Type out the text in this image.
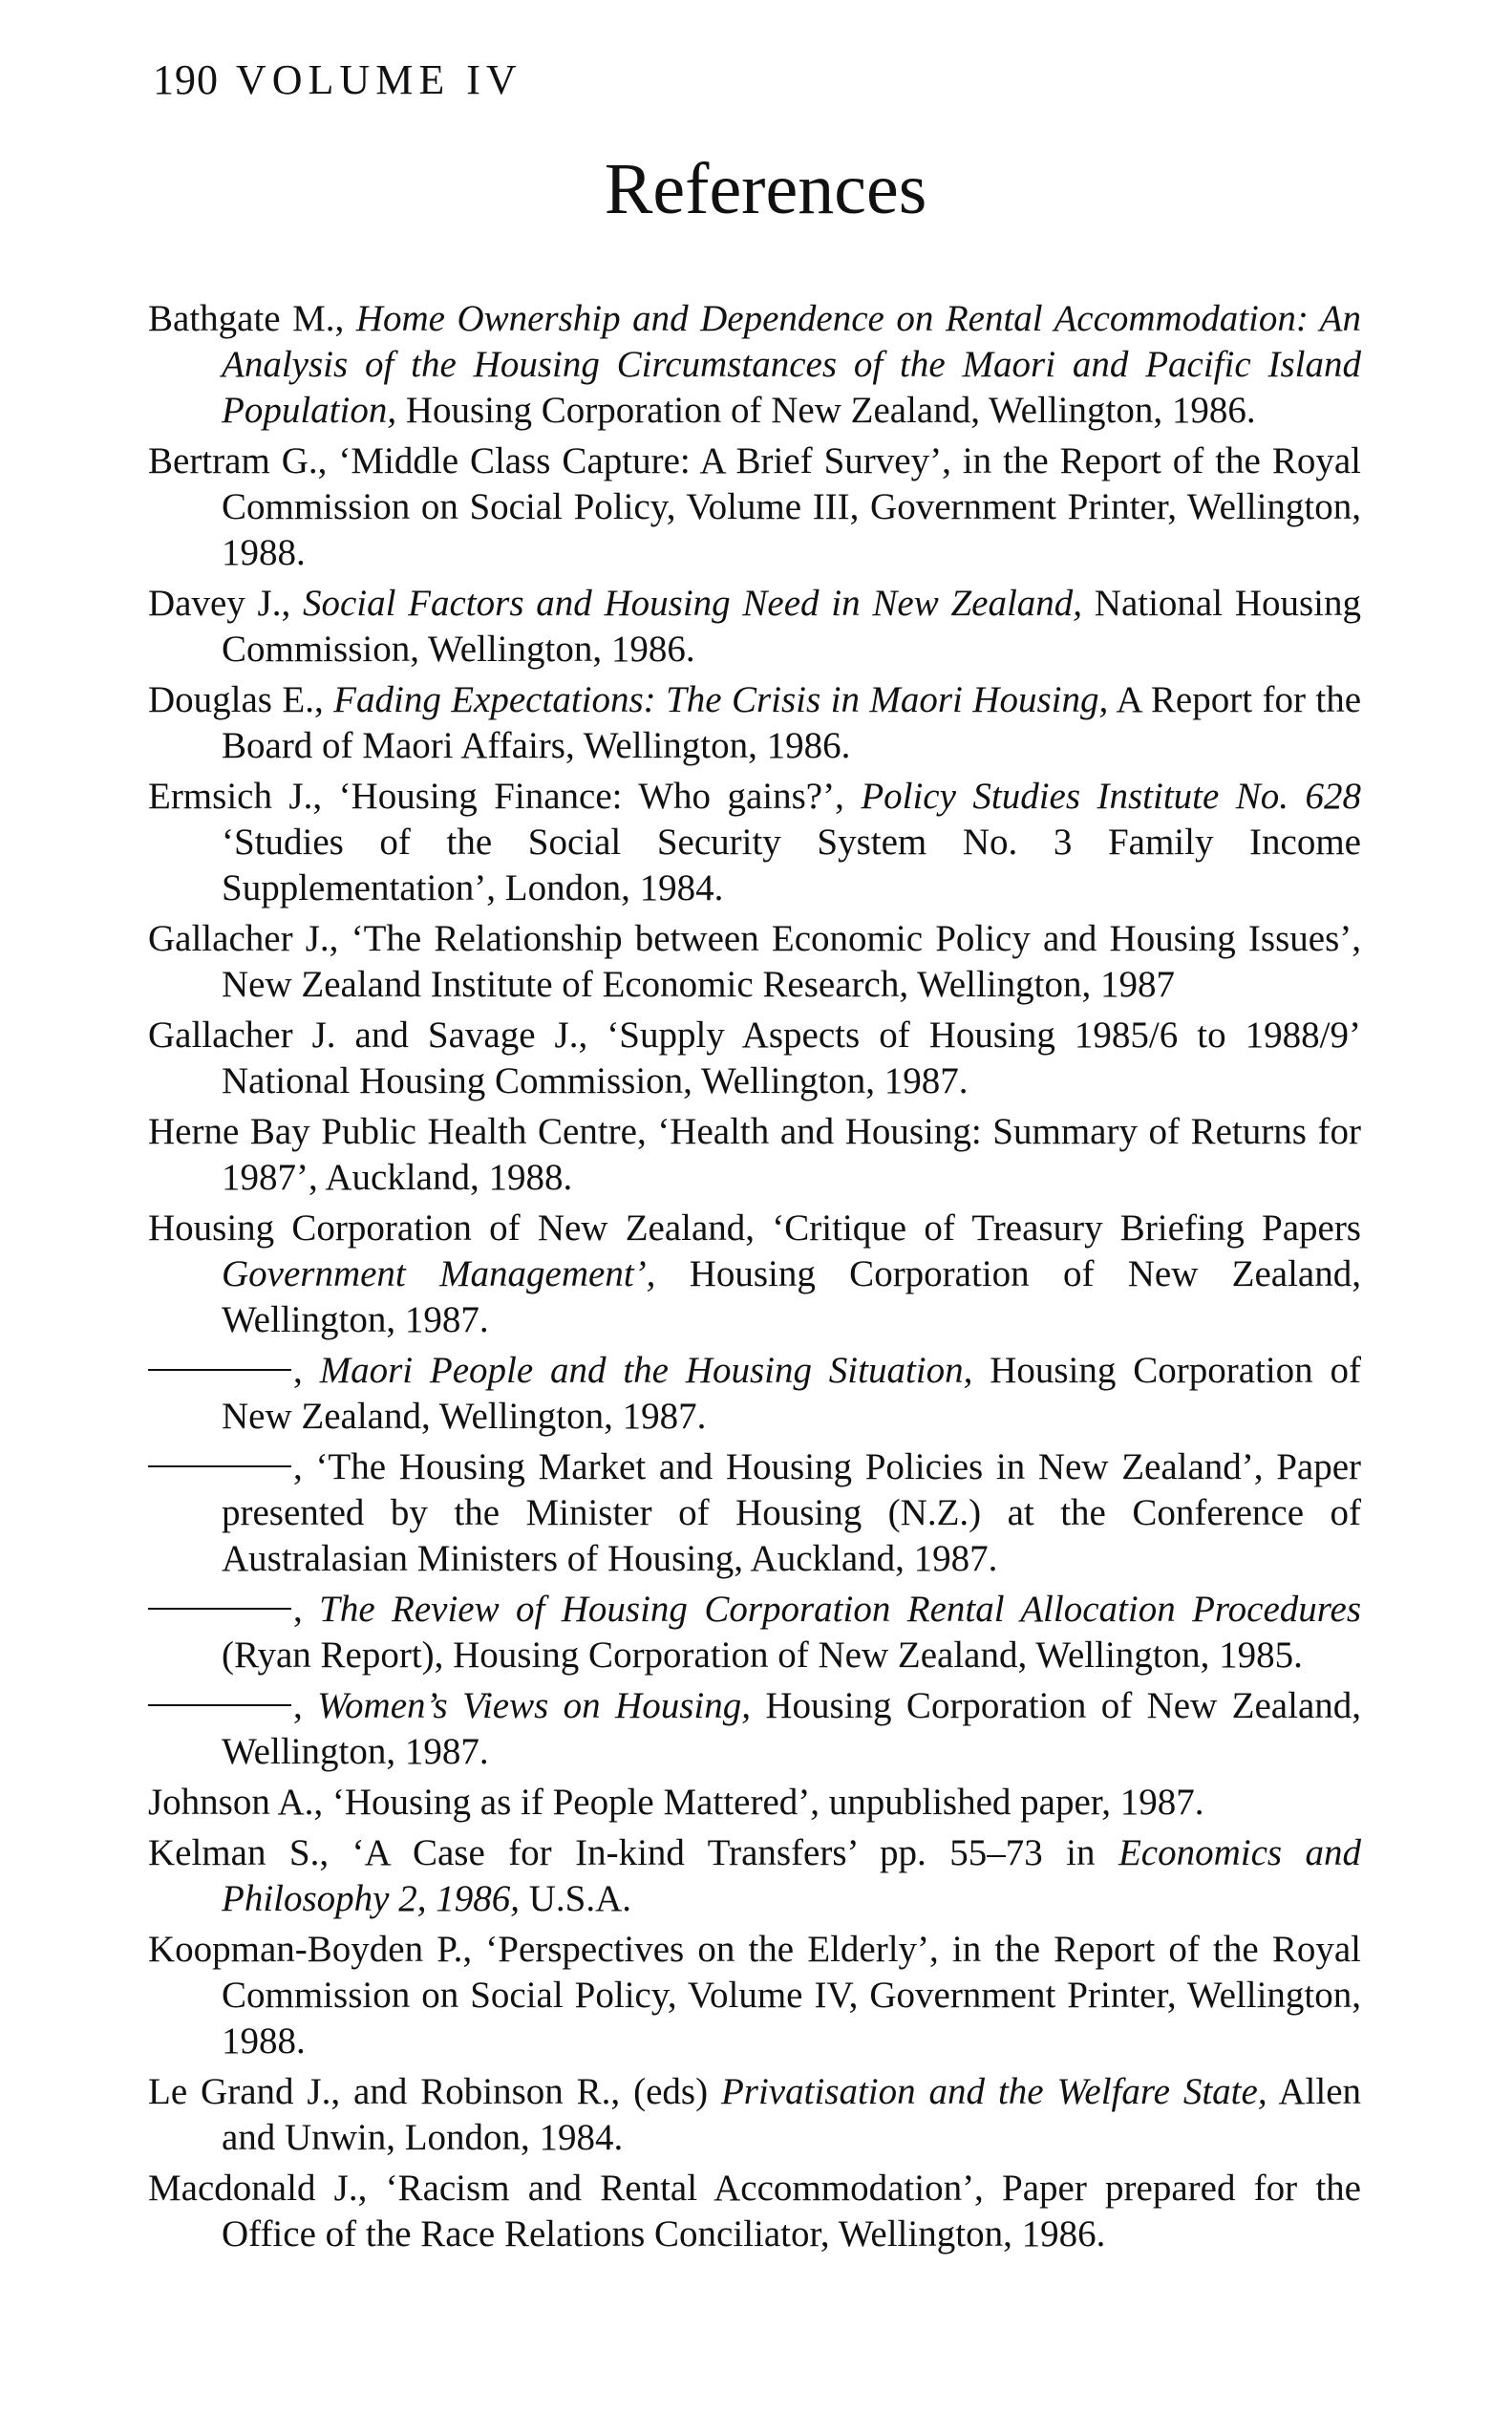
190 VOLUME IV
References
Bathgate M., Home Ownership and Dependence on Rental Accommodation: An Analysis of the Housing Circumstances of the Maori and Pacific Island Population, Housing Corporation of New Zealand, Wellington, 1986.
Bertram G., ‘Middle Class Capture: A Brief Survey’, in the Report of the Royal Commission on Social Policy, Volume III, Government Printer, Wellington, 1988.
Davey J., Social Factors and Housing Need in New Zealand, National Housing Commission, Wellington, 1986.
Douglas E., Fading Expectations: The Crisis in Maori Housing, A Report for the Board of Maori Affairs, Wellington, 1986.
Ermsich J., ‘Housing Finance: Who gains?’, Policy Studies Institute No. 628 ‘Studies of the Social Security System No. 3 Family Income Supplementation’, London, 1984.
Gallacher J., ‘The Relationship between Economic Policy and Housing Issues’, New Zealand Institute of Economic Research, Wellington, 1987
Gallacher J. and Savage J., ‘Supply Aspects of Housing 1985/6 to 1988/9’ National Housing Commission, Wellington, 1987.
Herne Bay Public Health Centre, ‘Health and Housing: Summary of Returns for 1987’, Auckland, 1988.
Housing Corporation of New Zealand, ‘Critique of Treasury Briefing Papers Government Management’, Housing Corporation of New Zealand, Wellington, 1987.
, Maori People and the Housing Situation, Housing Corporation of New Zealand, Wellington, 1987.
, ‘The Housing Market and Housing Policies in New Zealand’, Paper presented by the Minister of Housing (N.Z.) at the Conference of Australasian Ministers of Housing, Auckland, 1987.
, The Review of Housing Corporation Rental Allocation Procedures (Ryan Report), Housing Corporation of New Zealand, Wellington, 1985.
, Women’s Views on Housing, Housing Corporation of New Zealand, Wellington, 1987.
Johnson A., ‘Housing as if People Mattered’, unpublished paper, 1987.
Kelman S., ‘A Case for In-kind Transfers’ pp. 55–73 in Economics and Philosophy 2, 1986, U.S.A.
Koopman-Boyden P., ‘Perspectives on the Elderly’, in the Report of the Royal Commission on Social Policy, Volume IV, Government Printer, Wellington, 1988.
Le Grand J., and Robinson R., (eds) Privatisation and the Welfare State, Allen and Unwin, London, 1984.
Macdonald J., ‘Racism and Rental Accommodation’, Paper prepared for the Office of the Race Relations Conciliator, Wellington, 1986.
